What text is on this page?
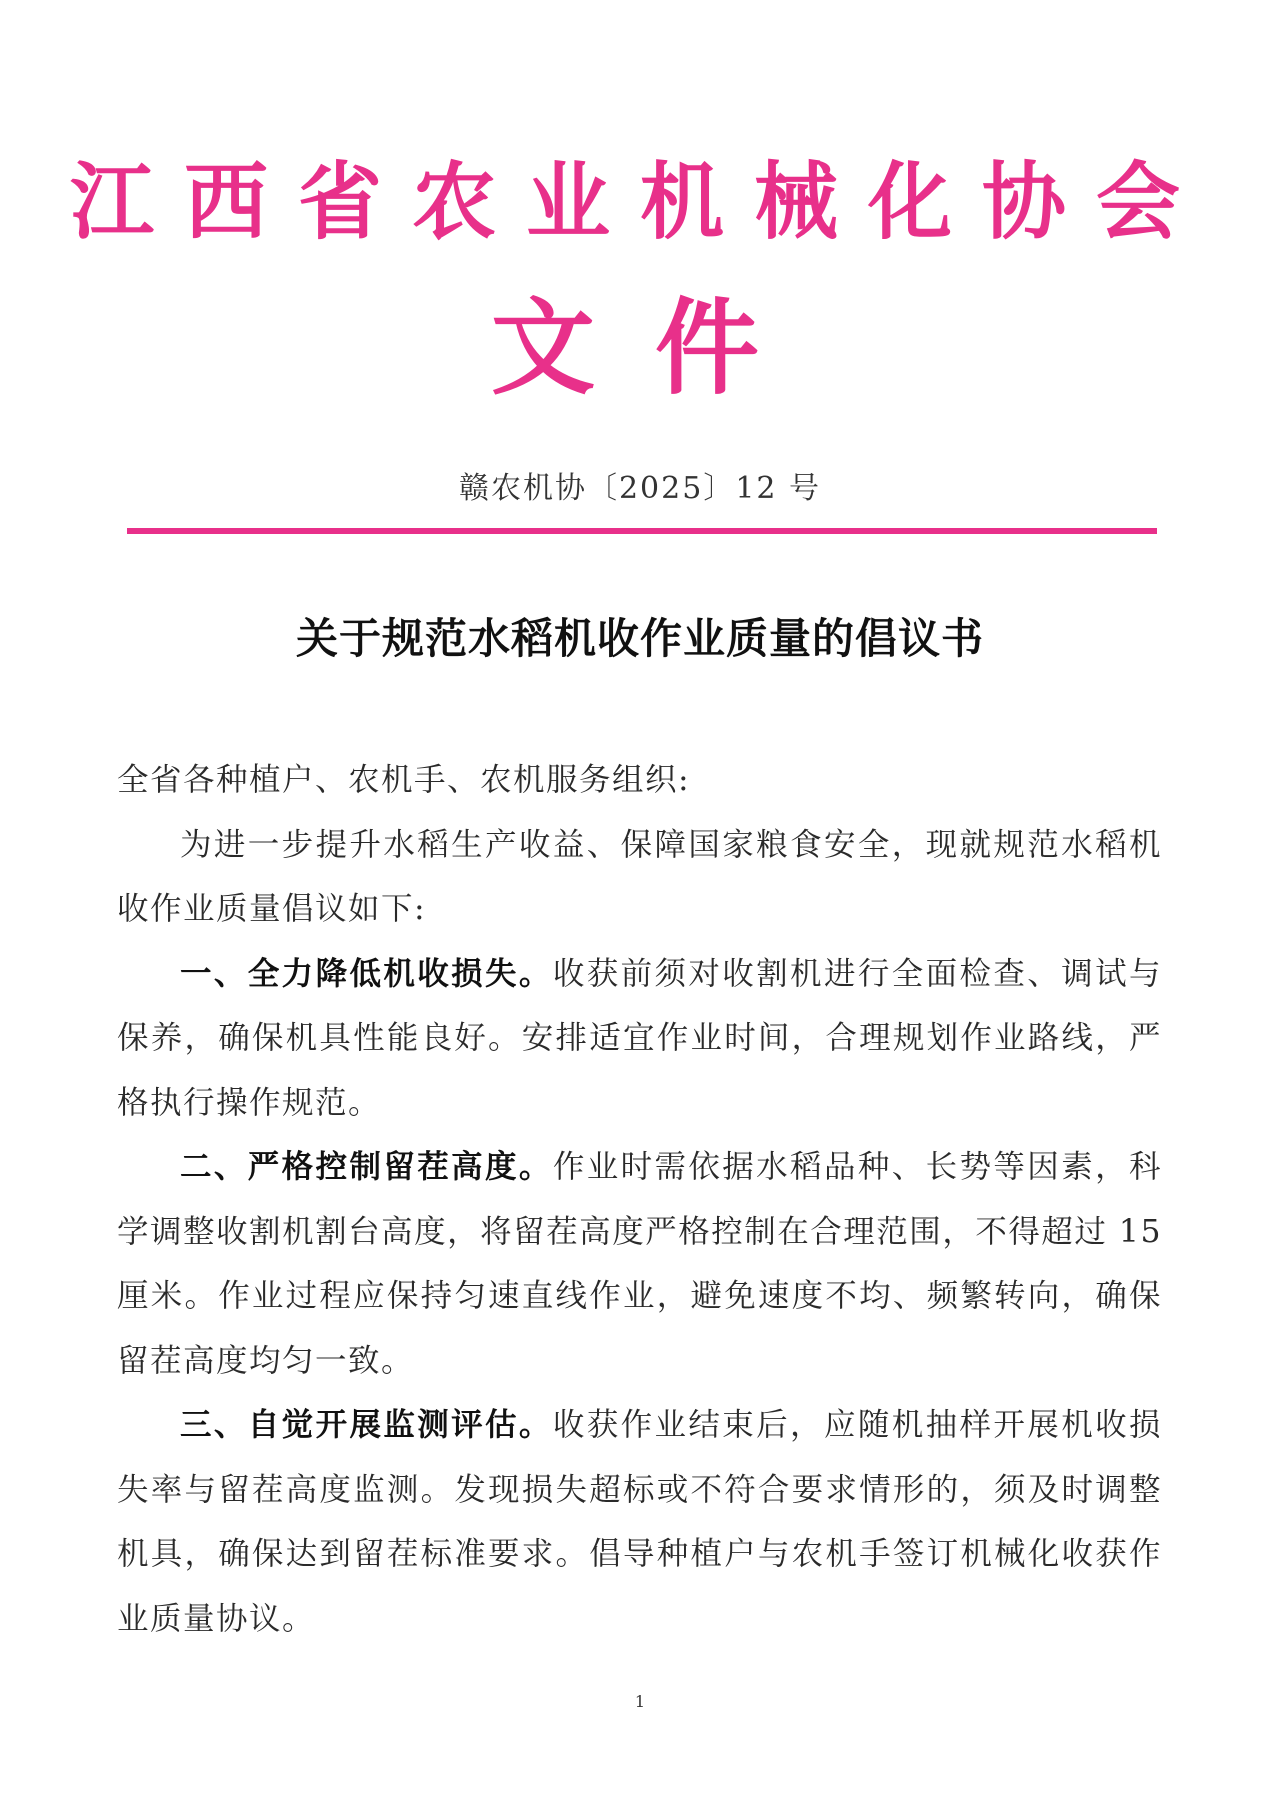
江西省农业机械化协会
文件
赣农机协〔2025〕12 号
关于规范水稻机收作业质量的倡议书

全省各种植户、农机手、农机服务组织:

为进一步提升水稻生产收益、保障国家粮食安全，现就规范水稻机收作业质量倡议如下:

一、全力降低机收损失。收获前须对收割机进行全面检查、调试与保养，确保机具性能良好。安排适宜作业时间，合理规划作业路线，严格执行操作规范。

二、严格控制留茬高度。作业时需依据水稻品种、长势等因素，科学调整收割机割台高度，将留茬高度严格控制在合理范围，不得超过 15 厘米。作业过程应保持匀速直线作业，避免速度不均、频繁转向，确保留茬高度均匀一致。

三、自觉开展监测评估。收获作业结束后，应随机抽样开展机收损失率与留茬高度监测。发现损失超标或不符合要求情形的，须及时调整机具，确保达到留茬标准要求。倡导种植户与农机手签订机械化收获作业质量协议。

1
